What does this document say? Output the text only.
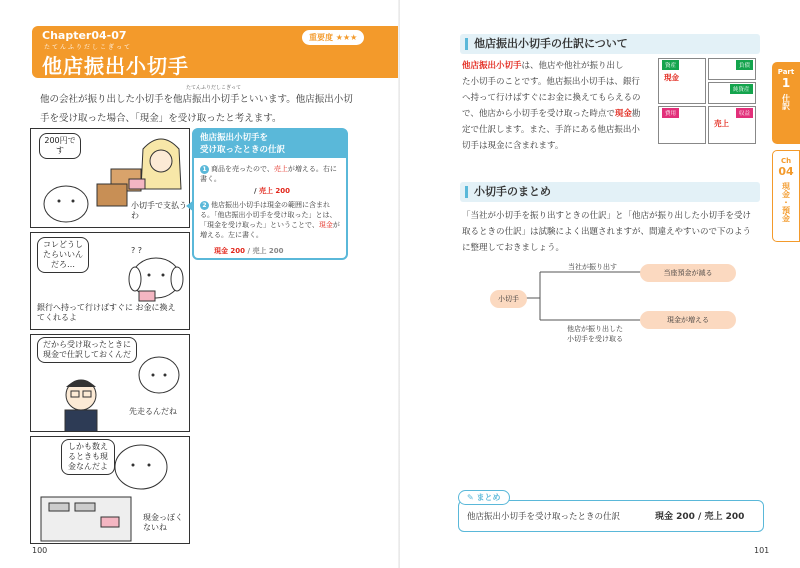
Chapter04-07	重要度 ★★★
たてんふりだしこぎって
他店振出小切手
たてんふりだしこぎって
他の会社が振り出した小切手を他店振出小切手といいます。他店振出小切
手を受け取った場合、「現金」を受け取ったと考えます。
200円です
小切手で支払うわ
? ?
コレどうしたらいいんだろ…
銀行へ持って行けばすぐに お金に換えてくれるよ
だから受け取ったときに現金で仕訳しておくんだ
先走るんだね
しかも数えるときも現金なんだよ
現金っぽくないね
他店振出小切手を
受け取ったときの仕訳
1 商品を売ったので、売上が増える。右に書く。
/ 売上 200
2 他店振出小切手は現金の範囲に含まれる。「他店振出小切手を受け取った」とは、「現金を受け取った」ということで、現金が増える。左に書く。
現金 200 / 売上 200
100
他店振出小切手の仕訳について
他店振出小切手は、他店や他社が振り出し
た小切手のことです。他店振出小切手は、銀行
へ持って行けばすぐにお金に換えてもらえるの
で、他店から小切手を受け取った時点で現金勘
定で仕訳します。また、手許にある他店振出小
切手は現金に含まれます。
資産
現金
負債
純資産
費用	収益
売上
小切手のまとめ
「当社が小切手を振り出すときの仕訳」と「他店が振り出した小切手を受け
取るときの仕訳」は試験によく出題されますが、間違えやすいので下のよう
に整理しておきましょう。
小切手
当社が振り出す
当座預金が減る
他店が振り出した
小切手を受け取る
現金が増える
Part
1
仕訳
Ch
04
現金・預金
他店振出小切手を受け取ったときの仕訳	現金 200 / 売上 200
✎ まとめ
101
